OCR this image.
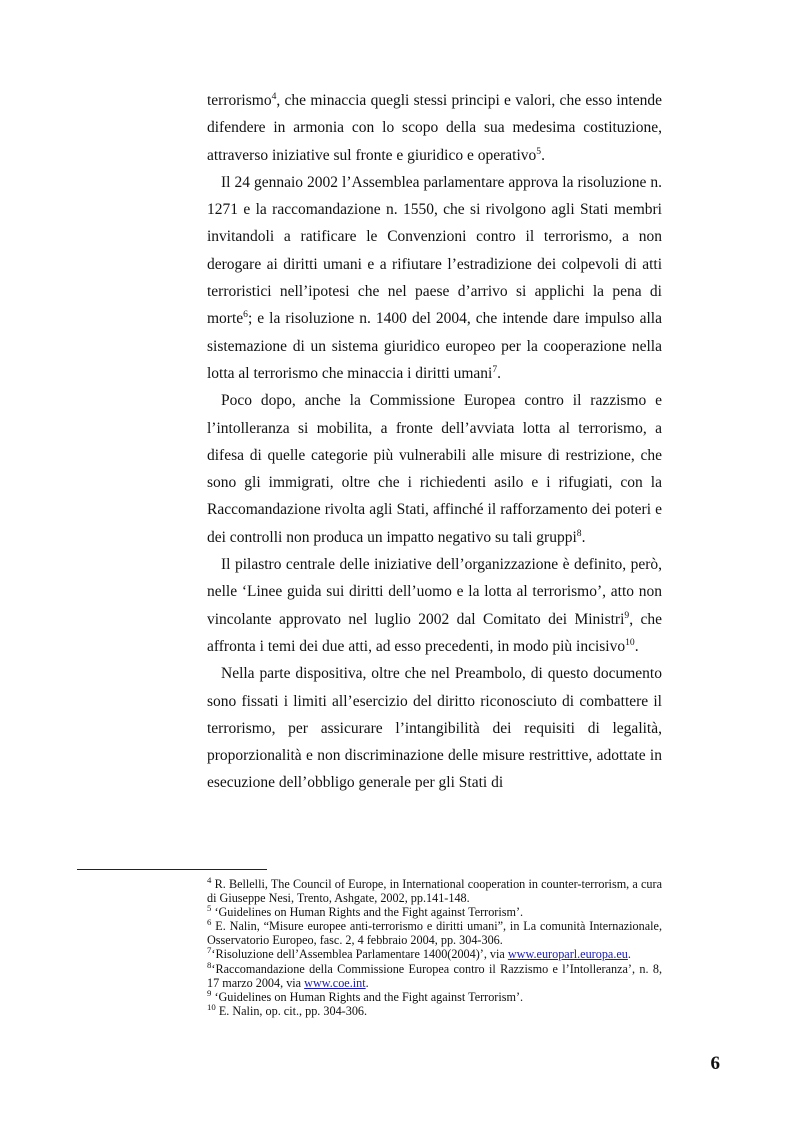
terrorismo$^4$, che minaccia quegli stessi principi e valori, che esso intende difendere in armonia con lo scopo della sua medesima costituzione, attraverso iniziative sul fronte e giuridico e operativo$^5$.

Il 24 gennaio 2002 l’Assemblea parlamentare approva la risoluzione n. 1271 e la raccomandazione n. 1550, che si rivolgono agli Stati membri invitandoli a ratificare le Convenzioni contro il terrorismo, a non derogare ai diritti umani e a rifiutare l’estradizione dei colpevoli di atti terroristici nell’ipotesi che nel paese d’arrivo si applichi la pena di morte$^6$; e la risoluzione n. 1400 del 2004, che intende dare impulso alla sistemazione di un sistema giuridico europeo per la cooperazione nella lotta al terrorismo che minaccia i diritti umani$^7$.

Poco dopo, anche la Commissione Europea contro il razzismo e l’intolleranza si mobilita, a fronte dell’avviata lotta al terrorismo, a difesa di quelle categorie più vulnerabili alle misure di restrizione, che sono gli immigrati, oltre che i richiedenti asilo e i rifugiati, con la Raccomandazione rivolta agli Stati, affinché il rafforzamento dei poteri e dei controlli non produca un impatto negativo su tali gruppi$^8$.

Il pilastro centrale delle iniziative dell’organizzazione è definito, però, nelle ‘Linee guida sui diritti dell’uomo e la lotta al terrorismo’, atto non vincolante approvato nel luglio 2002 dal Comitato dei Ministri$^9$, che affronta i temi dei due atti, ad esso precedenti, in modo più incisivo$^{10}$.

Nella parte dispositiva, oltre che nel Preambolo, di questo documento sono fissati i limiti all’esercizio del diritto riconosciuto di combattere il terrorismo, per assicurare l’intangibilità dei requisiti di legalità, proporzionalità e non discriminazione delle misure restrittive, adottate in esecuzione dell’obbligo generale per gli Stati di

$^4$ R. Bellelli, The Council of Europe, in International cooperation in counter-terrorism, a cura di Giuseppe Nesi, Trento, Ashgate, 2002, pp.141-148.

$^5$ ‘Guidelines on Human Rights and the Fight against Terrorism’.

$^6$ E. Nalin, “Misure europee anti-terrorismo e diritti umani”, in La comunità Internazionale, Osservatorio Europeo, fasc. 2, 4 febbraio 2004, pp. 304-306.

$^7$‘Risoluzione dell’Assemblea Parlamentare 1400(2004)’, via www.europarl.europa.eu.

$^8$‘Raccomandazione della Commissione Europea contro il Razzismo e l’Intolleranza’, n. 8, 17 marzo 2004, via www.coe.int.

$^9$ ‘Guidelines on Human Rights and the Fight against Terrorism’.

$^{10}$ E. Nalin, op. cit., pp. 304-306.

6
